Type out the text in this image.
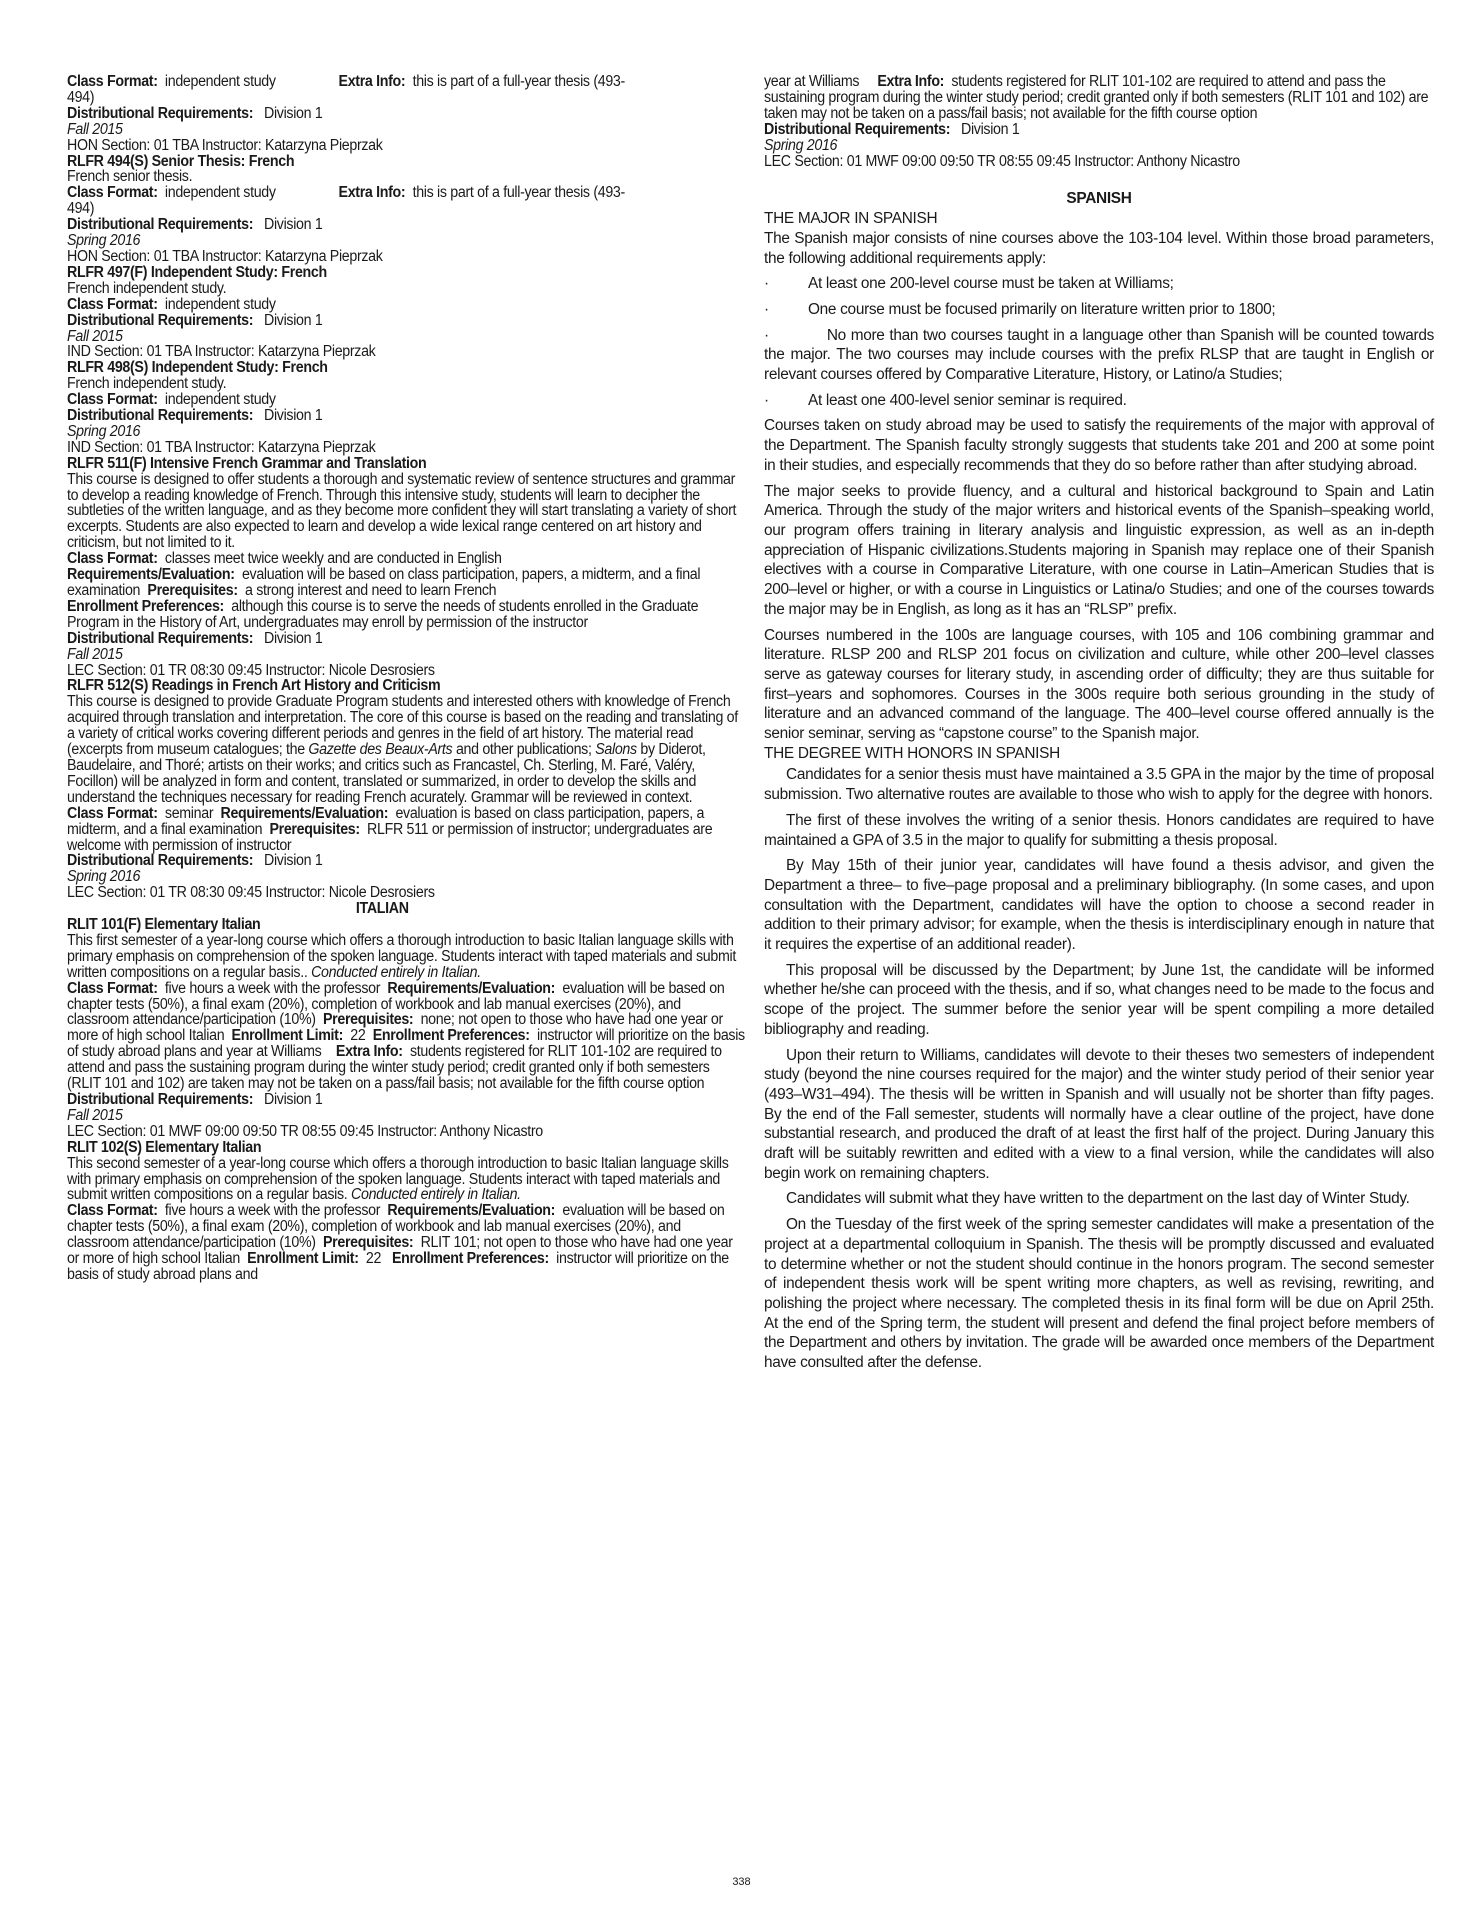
Class Format: independent study	Extra Info: this is part of a full-year thesis (493-

494)

Distributional Requirements: Division 1

Fall 2015

HON Section: 01 TBA Instructor: Katarzyna Pieprzak

RLFR 494(S) Senior Thesis: French

French senior thesis.

Class Format: independent study	Extra Info: this is part of a full-year thesis (493-

494)

Distributional Requirements: Division 1

Spring 2016

HON Section: 01 TBA Instructor: Katarzyna Pieprzak

RLFR 497(F) Independent Study: French

French independent study.

Class Format: independent study

Distributional Requirements: Division 1

Fall 2015

IND Section: 01 TBA Instructor: Katarzyna Pieprzak

RLFR 498(S) Independent Study: French

French independent study.

Class Format: independent study

Distributional Requirements: Division 1

Spring 2016

IND Section: 01 TBA Instructor: Katarzyna Pieprzak

RLFR 511(F) Intensive French Grammar and Translation

This course is designed to offer students a thorough and systematic review of sentence structures and grammar to develop a reading knowledge of French. Through this intensive study, students will learn to decipher the subtleties of the written language, and as they become more confident they will start translating a variety of short excerpts. Students are also expected to learn and develop a wide lexical range centered on art history and criticism, but not limited to it.

Class Format: classes meet twice weekly and are conducted in English

Requirements/Evaluation: evaluation will be based on class participation, papers, a midterm, and a final examination Prerequisites: a strong interest and need to learn French

Enrollment Preferences: although this course is to serve the needs of students enrolled in the Graduate Program in the History of Art, undergraduates may enroll by permission of the instructor

Distributional Requirements: Division 1

Fall 2015

LEC Section: 01 TR 08:30 09:45 Instructor: Nicole Desrosiers

RLFR 512(S) Readings in French Art History and Criticism

This course is designed to provide Graduate Program students and interested others with knowledge of French acquired through translation and interpretation. The core of this course is based on the reading and translating of a variety of critical works covering different periods and genres in the field of art history. The material read (excerpts from museum catalogues; the Gazette des Beaux-Arts and other publications; Salons by Diderot, Baudelaire, and Thoré; artists on their works; and critics such as Francastel, Ch. Sterling, M. Faré, Valéry, Focillon) will be analyzed in form and content, translated or summarized, in order to develop the skills and understand the techniques necessary for reading French acurately. Grammar will be reviewed in context.

Class Format: seminar Requirements/Evaluation: evaluation is based on class participation, papers, a midterm, and a final examination Prerequisites: RLFR 511 or permission of instructor; undergraduates are welcome with permission of instructor

Distributional Requirements: Division 1

Spring 2016

LEC Section: 01 TR 08:30 09:45 Instructor: Nicole Desrosiers

ITALIAN

RLIT 101(F) Elementary Italian

This first semester of a year-long course which offers a thorough introduction to basic Italian language skills with primary emphasis on comprehension of the spoken language. Students interact with taped materials and submit written compositions on a regular basis.. Conducted entirely in Italian.

Class Format: five hours a week with the professor Requirements/Evaluation: evaluation will be based on chapter tests (50%), a final exam (20%), completion of workbook and lab manual exercises (20%), and classroom attendance/participation (10%) Prerequisites: none; not open to those who have had one year or more of high school Italian Enrollment Limit: 22 Enrollment Preferences: instructor will prioritize on the basis of study abroad plans and year at Williams Extra Info: students registered for RLIT 101-102 are required to attend and pass the sustaining program during the winter study period; credit granted only if both semesters (RLIT 101 and 102) are taken may not be taken on a pass/fail basis; not available for the fifth course option

Distributional Requirements: Division 1

Fall 2015

LEC Section: 01 MWF 09:00 09:50 TR 08:55 09:45 Instructor: Anthony Nicastro

RLIT 102(S) Elementary Italian

This second semester of a year-long course which offers a thorough introduction to basic Italian language skills with primary emphasis on comprehension of the spoken language. Students interact with taped materials and submit written compositions on a regular basis. Conducted entirely in Italian.

Class Format: five hours a week with the professor Requirements/Evaluation: evaluation will be based on chapter tests (50%), a final exam (20%), completion of workbook and lab manual exercises (20%), and classroom attendance/participation (10%) Prerequisites: RLIT 101; not open to those who have had one year or more of high school Italian Enrollment Limit: 22 Enrollment Preferences: instructor will prioritize on the basis of study abroad plans and

year at Williams Extra Info: students registered for RLIT 101-102 are required to attend and pass the sustaining program during the winter study period; credit granted only if both semesters (RLIT 101 and 102) are taken may not be taken on a pass/fail basis; not available for the fifth course option

Distributional Requirements: Division 1

Spring 2016

LEC Section: 01 MWF 09:00 09:50 TR 08:55 09:45 Instructor: Anthony Nicastro

SPANISH

THE MAJOR IN SPANISH

The Spanish major consists of nine courses above the 103-104 level. Within those broad parameters, the following additional requirements apply:

·	At least one 200-level course must be taken at Williams;
·	One course must be focused primarily on literature written prior to 1800;

·	No more than two courses taught in a language other than Spanish will be counted towards the major. The two courses may include courses with the prefix RLSP that are taught in English or relevant courses offered by Comparative Literature, History, or Latino/a Studies;

·	At least one 400-level senior seminar is required.

Courses taken on study abroad may be used to satisfy the requirements of the major with approval of the Department. The Spanish faculty strongly suggests that students take 201 and 200 at some point in their studies, and especially recommends that they do so before rather than after studying abroad.

The major seeks to provide fluency, and a cultural and historical background to Spain and Latin America. Through the study of the major writers and historical events of the Spanish–speaking world, our program offers training in literary analysis and linguistic expression, as well as an in-depth appreciation of Hispanic civilizations.Students majoring in Spanish may replace one of their Spanish electives with a course in Comparative Literature, with one course in Latin–American Studies that is 200–level or higher, or with a course in Linguistics or Latina/o Studies; and one of the courses towards the major may be in English, as long as it has an “RLSP” prefix.

Courses numbered in the 100s are language courses, with 105 and 106 combining grammar and literature. RLSP 200 and RLSP 201 focus on civilization and culture, while other 200–level classes serve as gateway courses for literary study, in ascending order of difficulty; they are thus suitable for first–years and sophomores. Courses in the 300s require both serious grounding in the study of literature and an advanced command of the language. The 400–level course offered annually is the senior seminar, serving as “capstone course” to the Spanish major.

THE DEGREE WITH HONORS IN SPANISH

Candidates for a senior thesis must have maintained a 3.5 GPA in the major by the time of proposal submission. Two alternative routes are available to those who wish to apply for the degree with honors.

The first of these involves the writing of a senior thesis. Honors candidates are required to have maintained a GPA of 3.5 in the major to qualify for submitting a thesis proposal.

By May 15th of their junior year, candidates will have found a thesis advisor, and given the Department a three– to five–page proposal and a preliminary bibliography. (In some cases, and upon consultation with the Department, candidates will have the option to choose a second reader in addition to their primary advisor; for example, when the thesis is interdisciplinary enough in nature that it requires the expertise of an additional reader).

This proposal will be discussed by the Department; by June 1st, the candidate will be informed whether he/she can proceed with the thesis, and if so, what changes need to be made to the focus and scope of the project. The summer before the senior year will be spent compiling a more detailed bibliography and reading.

Upon their return to Williams, candidates will devote to their theses two semesters of independent study (beyond the nine courses required for the major) and the winter study period of their senior year (493–W31–494). The thesis will be written in Spanish and will usually not be shorter than fifty pages. By the end of the Fall semester, students will normally have a clear outline of the project, have done substantial research, and produced the draft of at least the first half of the project. During January this draft will be suitably rewritten and edited with a view to a final version, while the candidates will also begin work on remaining chapters.

Candidates will submit what they have written to the department on the last day of Winter Study.

On the Tuesday of the first week of the spring semester candidates will make a presentation of the project at a departmental colloquium in Spanish. The thesis will be promptly discussed and evaluated to determine whether or not the student should continue in the honors program. The second semester of independent thesis work will be spent writing more chapters, as well as revising, rewriting, and polishing the project where necessary. The completed thesis in its final form will be due on April 25th. At the end of the Spring term, the student will present and defend the final project before members of the Department and others by invitation. The grade will be awarded once members of the Department have consulted after the defense.

338
